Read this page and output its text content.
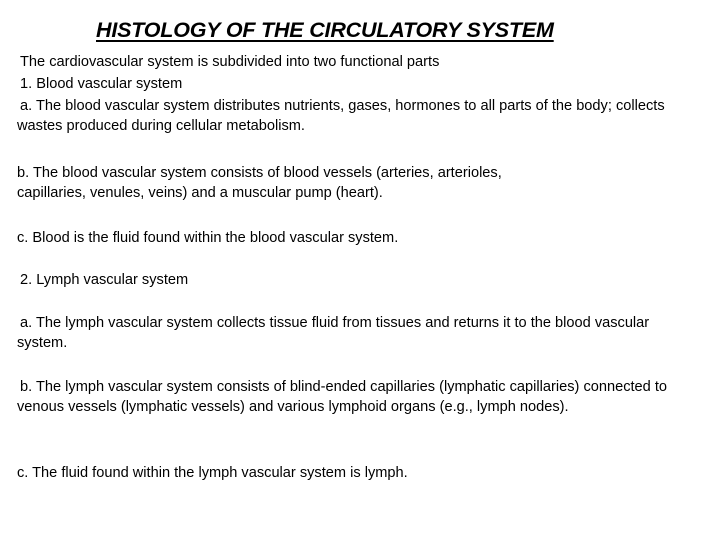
HISTOLOGY OF THE CIRCULATORY SYSTEM

The cardiovascular system is subdivided into two functional parts

1. Blood vascular system

a. The blood vascular system distributes nutrients, gases, hormones to all parts of the body; collects wastes produced during cellular metabolism.

b. The blood vascular system consists of blood vessels (arteries, arterioles, capillaries, venules, veins) and a muscular pump (heart).

c. Blood is the fluid found within the blood vascular system.

2. Lymph vascular system

a. The lymph vascular system collects tissue fluid from tissues and returns it to the blood vascular system.

b. The lymph vascular system consists of blind-ended capillaries (lymphatic capillaries) connected to venous vessels (lymphatic vessels) and various lymphoid organs (e.g., lymph nodes).

c. The fluid found within the lymph vascular system is lymph.
